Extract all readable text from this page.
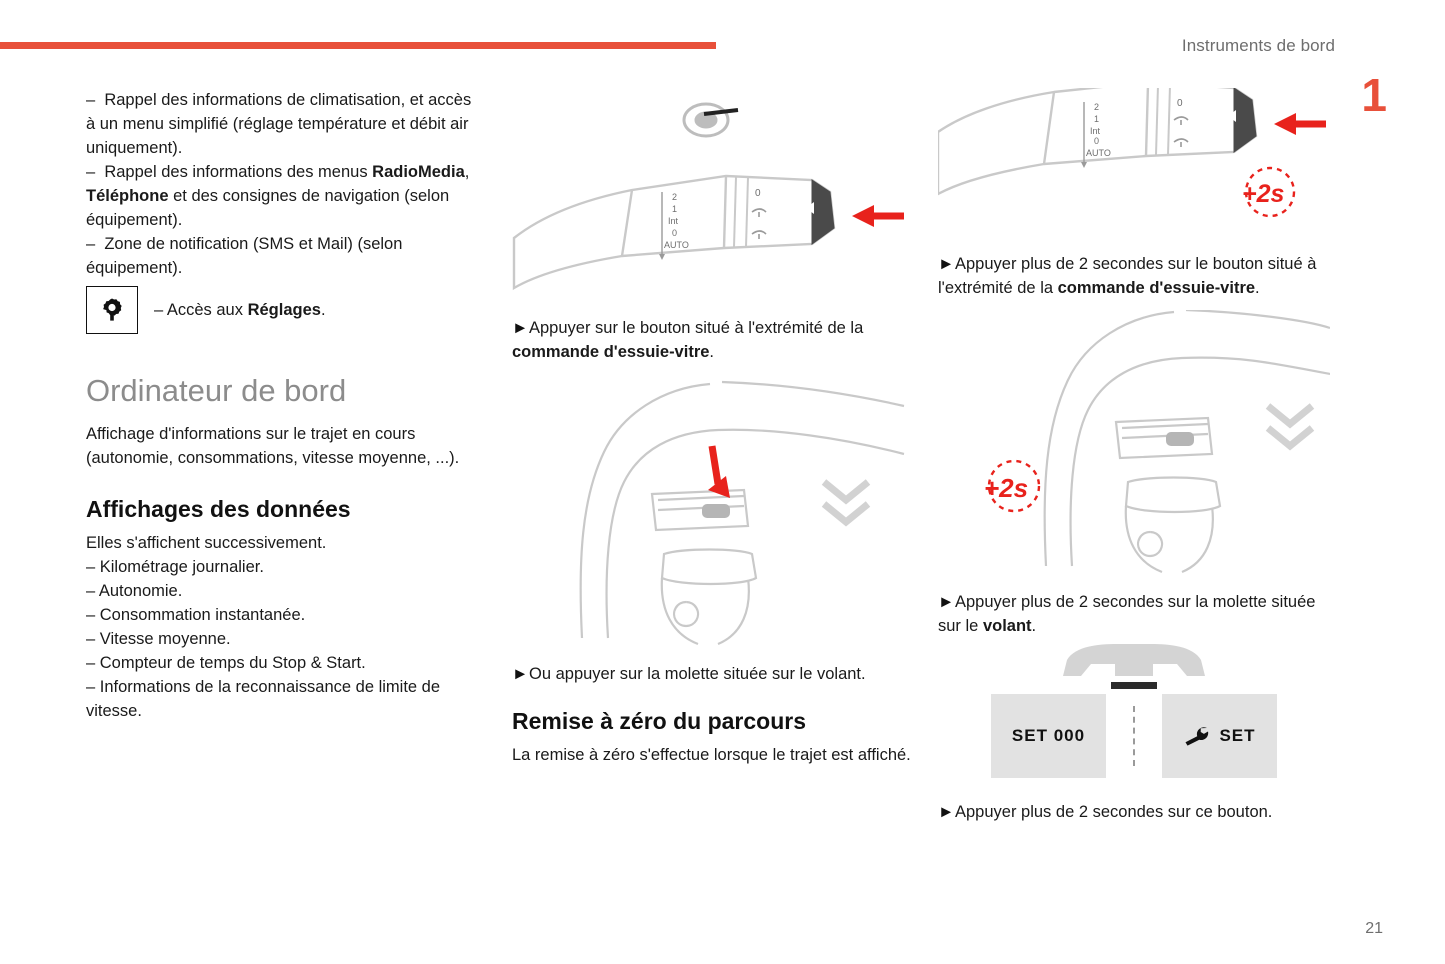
Instruments de bord
1
21

–  Rappel des informations de climatisation, et accès à un menu simplifié (réglage température et débit air uniquement).

–  Rappel des informations des menus RadioMedia, Téléphone et des consignes de navigation (selon équipement).

–  Zone de notification (SMS et Mail) (selon équipement).

– Accès aux Réglages.
Ordinateur de bord

Affichage d'informations sur le trajet en cours (autonomie, consommations, vitesse moyenne, ...).

Affichages des données

Elles s'affichent successivement.

– Kilométrage journalier.

– Autonomie.

– Consommation instantanée.

– Vitesse moyenne.

– Compteur de temps du Stop & Start.

– Informations de la reconnaissance de limite de vitesse.

2
1
Int
0
AUTO
0
►Appuyer sur le bouton situé à l'extrémité de la commande d'essuie-vitre.
►Ou appuyer sur la molette située sur le volant.
Remise à zéro du parcours

La remise à zéro s'effectue lorsque le trajet est affiché.

2
1
Int
0
AUTO
0
+2s
►Appuyer plus de 2 secondes sur le bouton situé à l'extrémité de la commande d'essuie-vitre.
+2s
►Appuyer plus de 2 secondes sur la molette située sur le volant.
SET 000	SET
►Appuyer plus de 2 secondes sur ce bouton.
